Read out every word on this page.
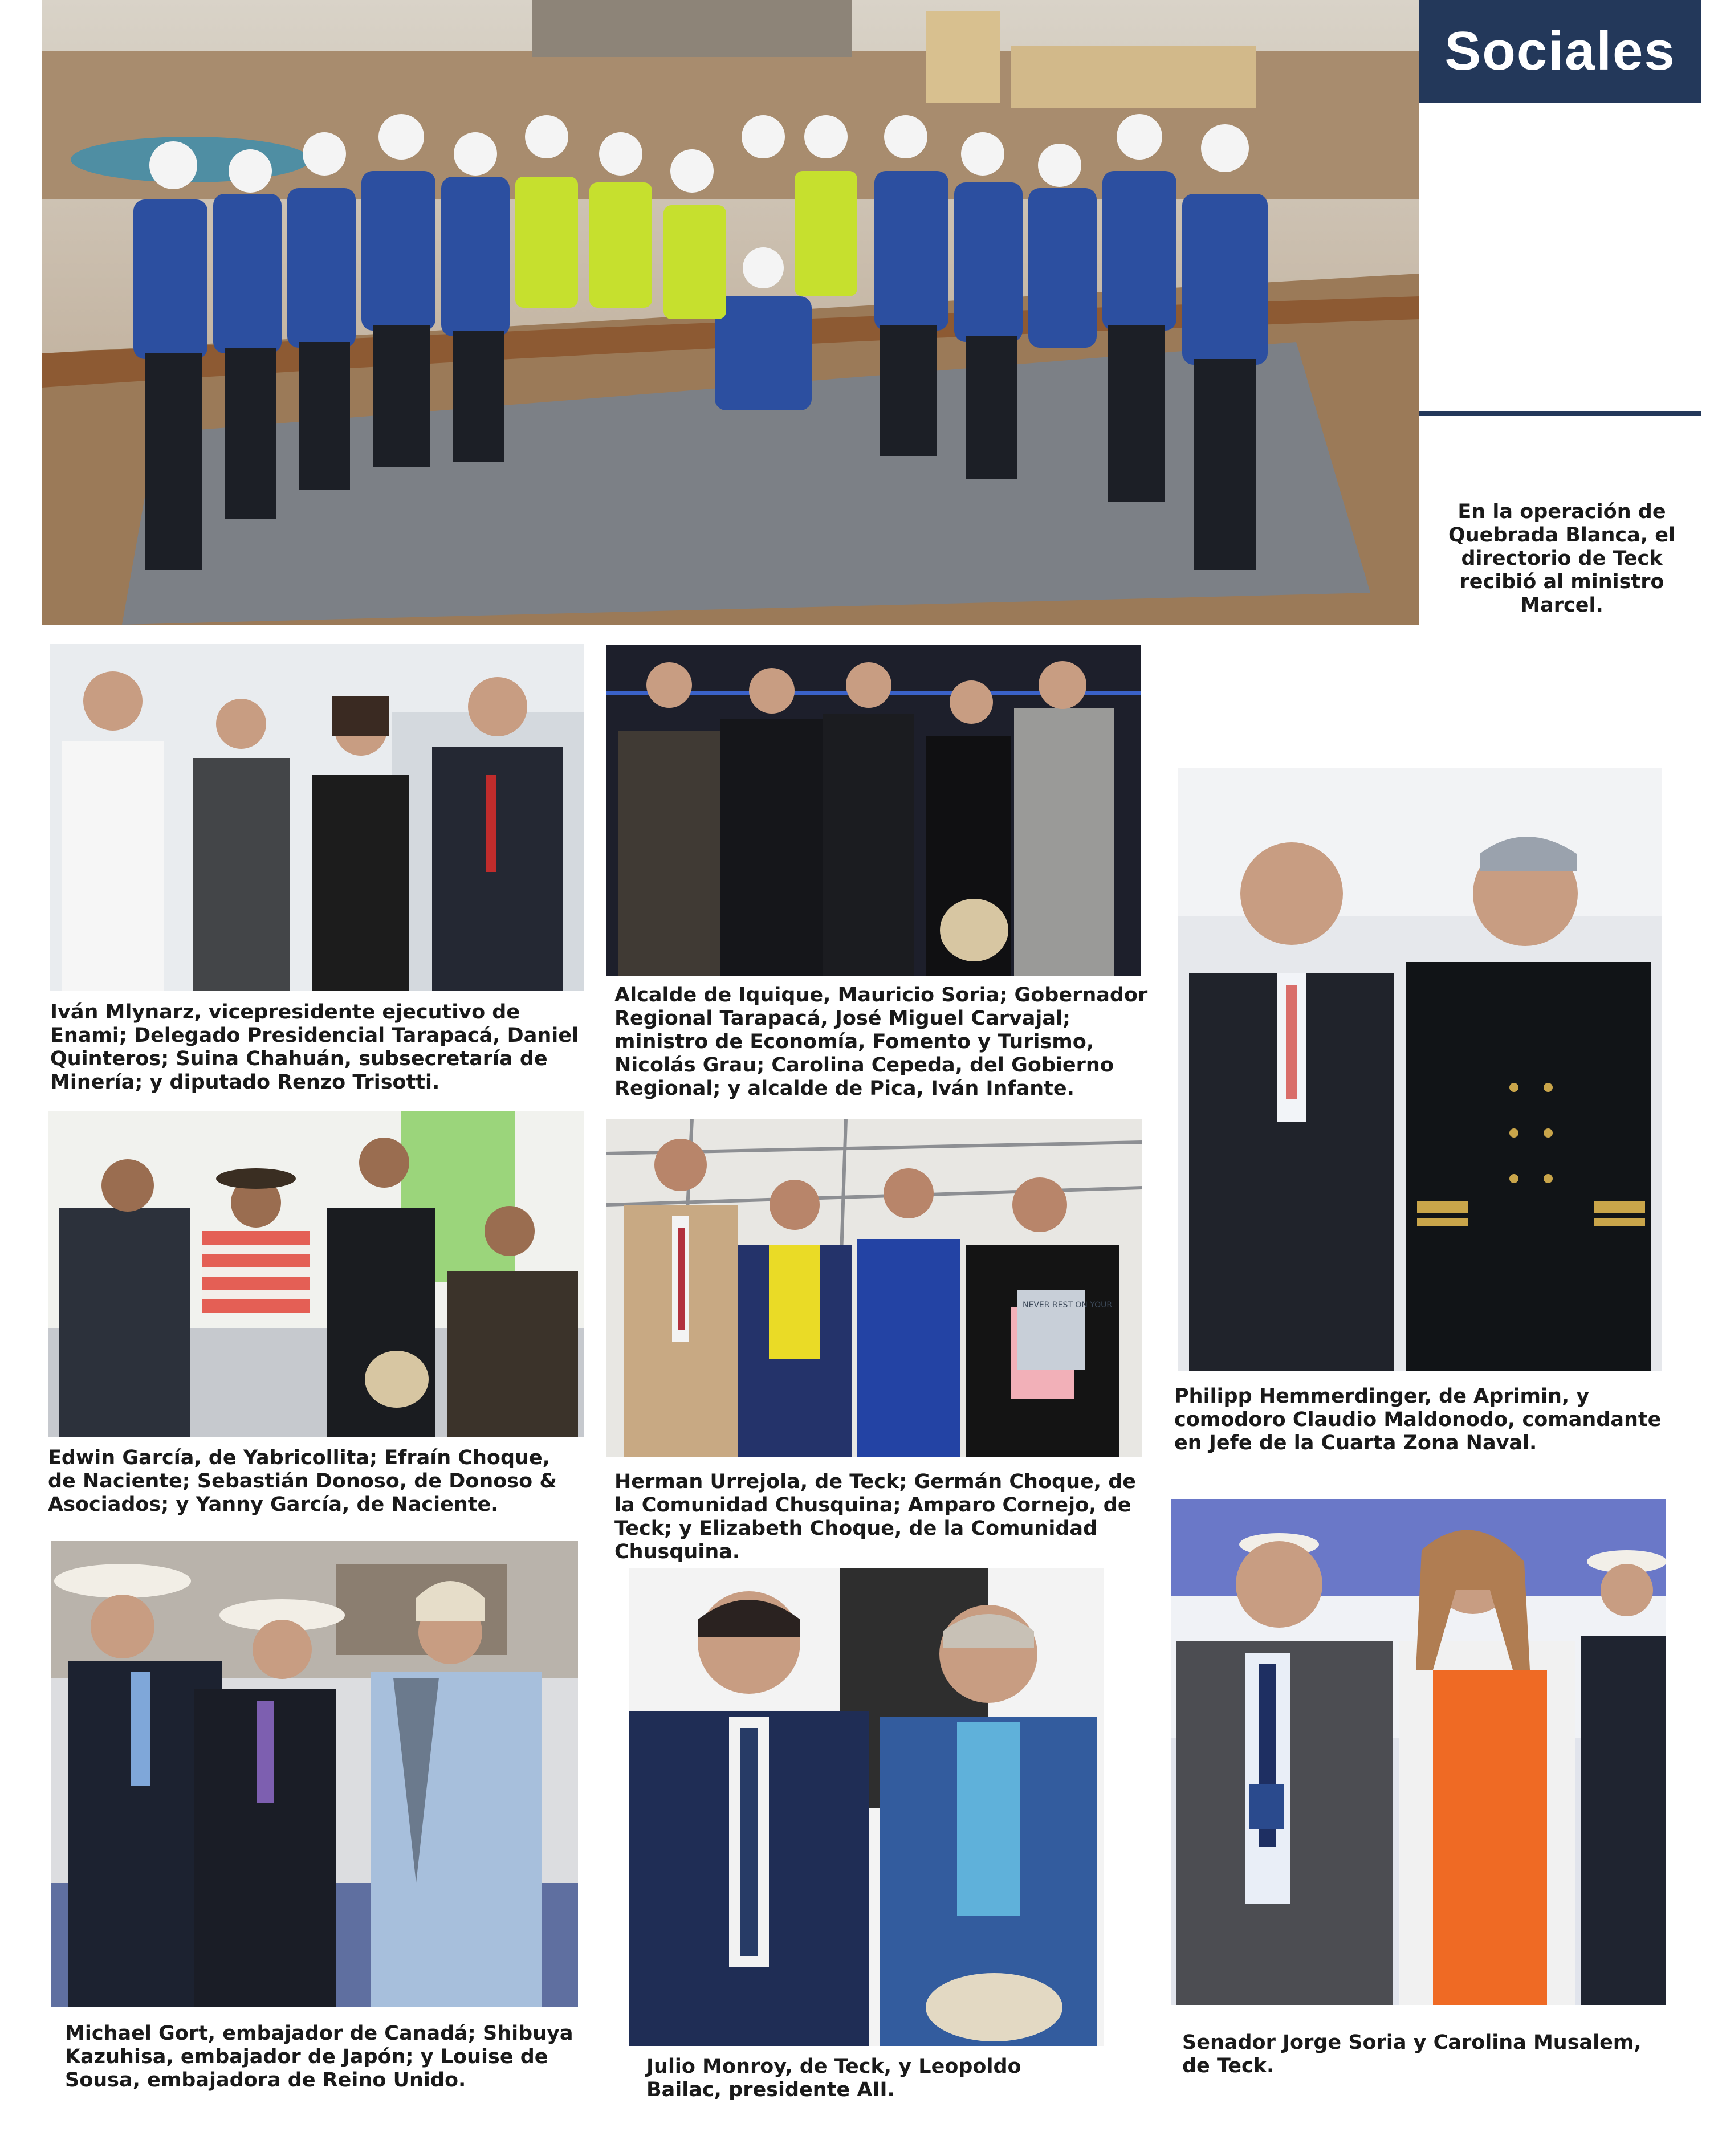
Sociales
En la operación de Quebrada Blanca, el directorio de Teck recibió al ministro Marcel.
Iván Mlynarz, vicepresidente ejecutivo de Enami; Delegado Presidencial Tarapacá, Daniel Quinteros; Suina Chahuán, subsecretaría de Minería; y diputado Renzo Trisotti.
Alcalde de Iquique, Mauricio Soria; Gobernador Regional Tarapacá, José Miguel Carvajal; ministro de Economía, Fomento y Turismo, Nicolás Grau; Carolina Cepeda, del Gobierno Regional; y alcalde de Pica, Iván Infante.
Philipp Hemmerdinger, de Aprimin, y comodoro Claudio Maldonodo, comandante en Jefe de la Cuarta Zona Naval.
Edwin García, de Yabricollita; Efraín Choque, de Naciente; Sebastián Donoso, de Donoso & Asociados; y Yanny García, de Naciente.
NEVER REST ON YOUR
Herman Urrejola, de Teck; Germán Choque, de la Comunidad Chusquina; Amparo Cornejo, de Teck; y Elizabeth Choque, de la Comunidad Chusquina.
Michael Gort, embajador de Canadá; Shibuya Kazuhisa, embajador de Japón; y Louise de Sousa, embajadora de Reino Unido.
Julio Monroy, de Teck, y Leopoldo Bailac, presidente AII.
Senador Jorge Soria y Carolina Musalem, de Teck.
